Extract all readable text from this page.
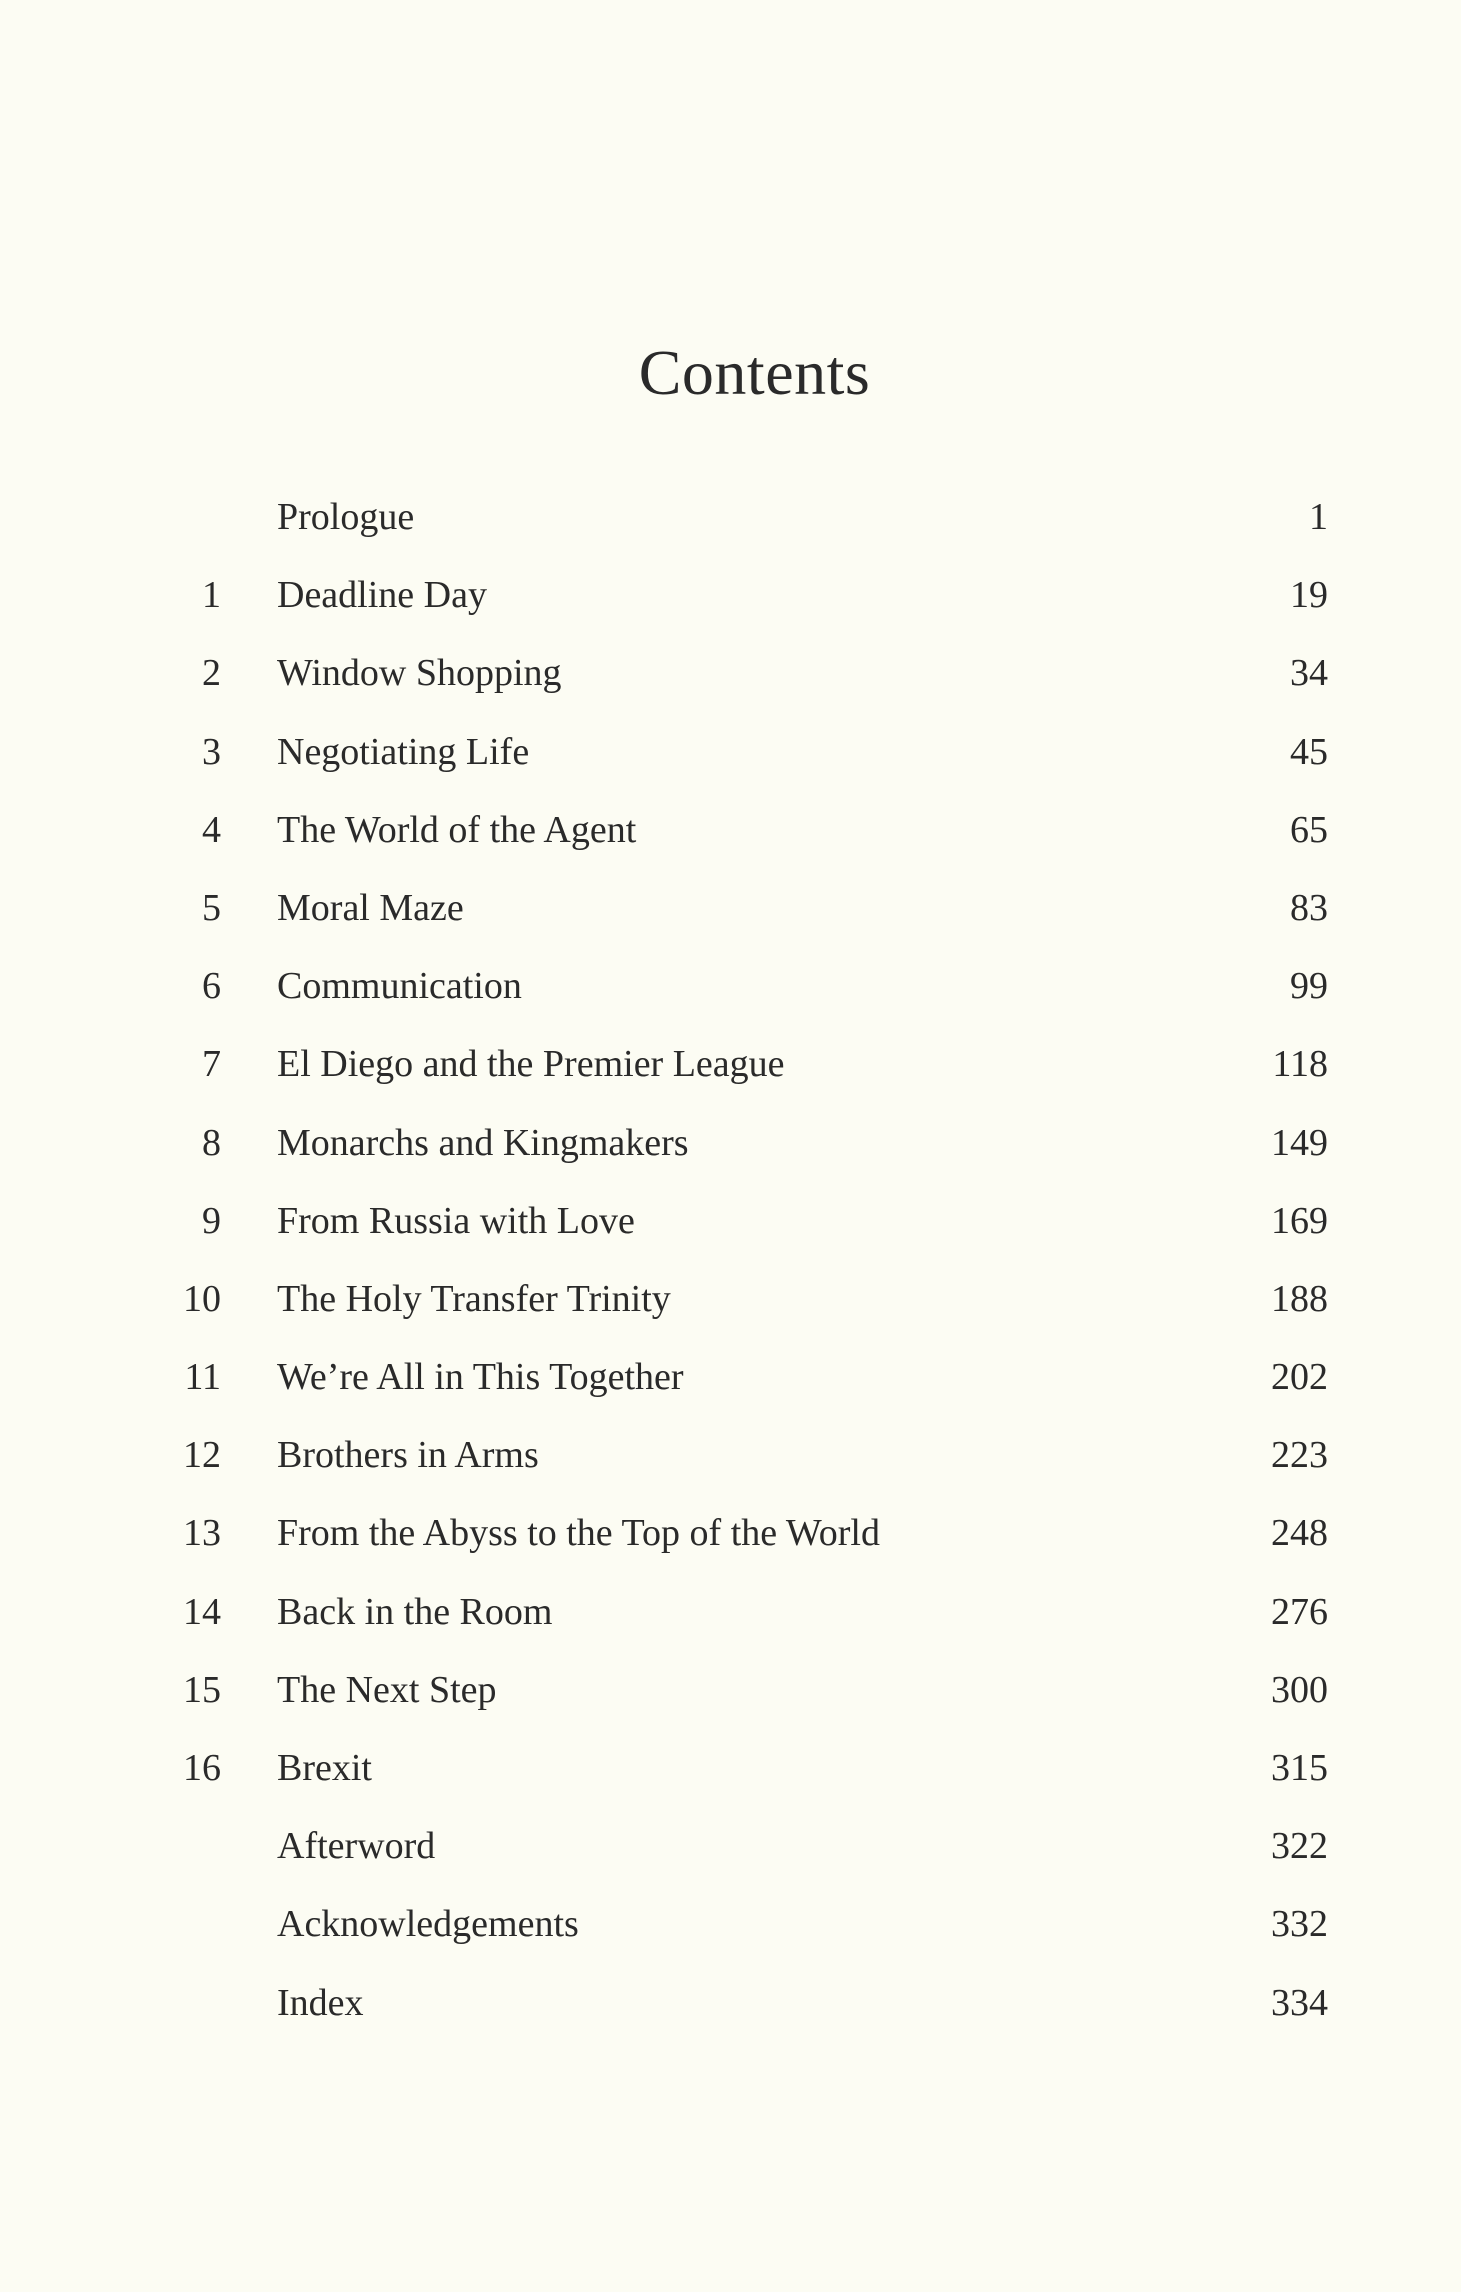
Contents
Prologue	1
1 Deadline Day	19
2 Window Shopping	34
3 Negotiating Life	45
4 The World of the Agent	65
5 Moral Maze	83
6 Communication	99
7 El Diego and the Premier League	118
8 Monarchs and Kingmakers	149
9 From Russia with Love	169
10 The Holy Transfer Trinity	188
11 We’re All in This Together	202
12 Brothers in Arms	223
13 From the Abyss to the Top of the World	248
14 Back in the Room	276
15 The Next Step	300
16 Brexit	315
Afterword	322
Acknowledgements	332
Index	334
